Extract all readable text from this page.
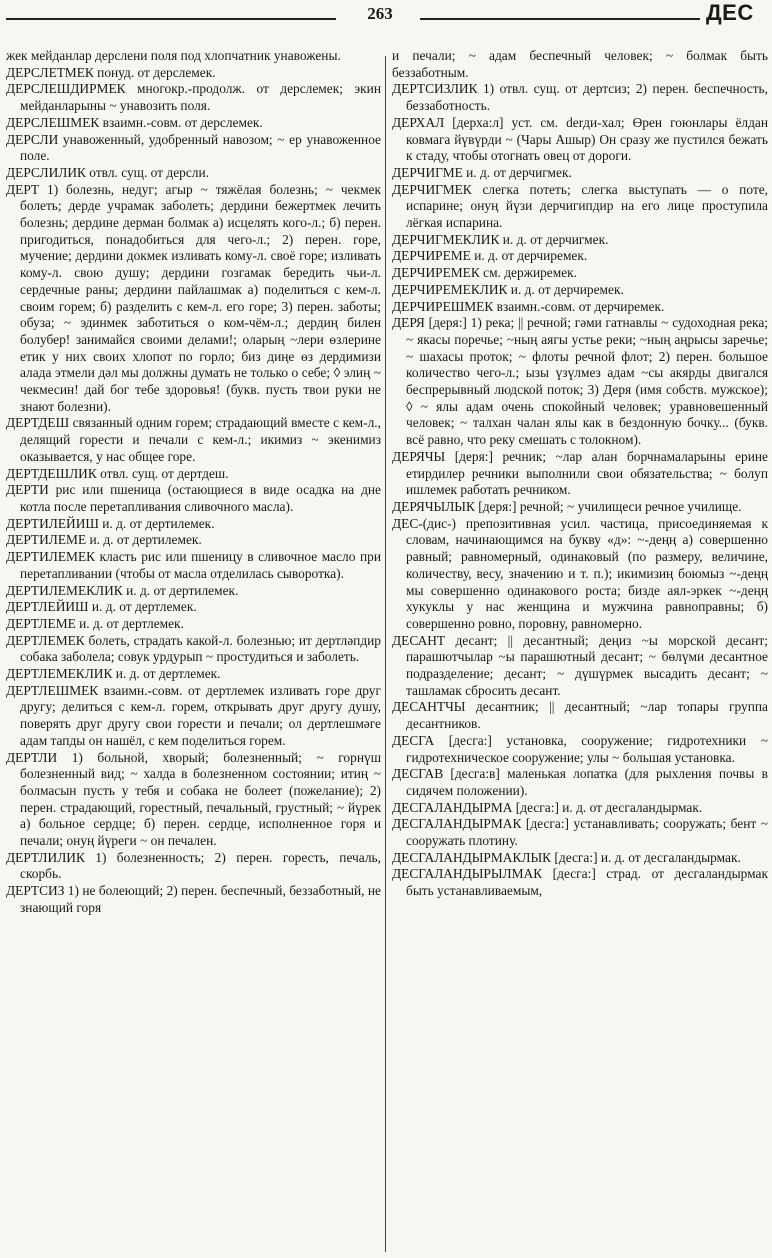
263	ДЕС

жек мейданлар дерслени поля под хлопчатник унавожены.

ДЕРСЛЕТМЕК понуд. от дерслемек.

ДЕРСЛЕШДИРМЕК многокр.-продолж. от дерслемек; экин мейданларыны ~ унавозить поля.

ДЕРСЛЕШМЕК взаимн.-совм. от дерслемек.

ДЕРСЛИ унавоженный, удобренный навозом; ~ ер унавоженное поле.

ДЕРСЛИЛИК отвл. сущ. от дерсли.

ДЕРТ 1) болезнь, недуг; агыр ~ тяжёлая болезнь; ~ чекмек болеть; дерде учрамак заболеть; дердини бежертмек лечить болезнь; дердине дерман болмак а) исцелять кого-л.; б) перен. пригодиться, понадобиться для чего-л.; 2) перен. горе, мучение; дердини докмек изливать кому-л. своё горе; изливать кому-л. свою душу; дердини гозгамак бередить чьи-л. сердечные раны; дердини пайлашмак а) поделиться с кем-л. своим горем; б) разделить с кем-л. его горе; 3) перен. заботы; обуза; ~ эдинмек заботиться о ком-чём-л.; дердиң билен болубер! занимайся своими делами!; оларың ~лери өзлерине етик у них своих хлопот по горло; биз диңе өз дердимизи алада этмели дәл мы должны думать не только о себе; ◊ элиң ~ чекмесин! дай бог тебе здоровья! (букв. пусть твои руки не знают болезни).

ДЕРТДЕШ связанный одним горем; страдающий вместе с кем-л., делящий горести и печали с кем-л.; икимиз ~ экенимиз оказывается, у нас общее горе.

ДЕРТДЕШЛИК отвл. сущ. от дертдеш.

ДЕРТИ рис или пшеница (остающиеся в виде осадка на дне котла после перетапливания сливочного масла).

ДЕРТИЛЕЙИШ и. д. от дертилемек.

ДЕРТИЛЕМЕ и. д. от дертилемек.

ДЕРТИЛЕМЕК класть рис или пшеницу в сливочное масло при перетапливании (чтобы от масла отделилась сыворотка).

ДЕРТИЛЕМЕКЛИК и. д. от дертилемек.

ДЕРТЛЕЙИШ и. д. от дертлемек.

ДЕРТЛЕМЕ и. д. от дертлемек.

ДЕРТЛЕМЕК болеть, страдать какой-л. болезнью; ит дертләпдир собака заболела; совук урдурып ~ простудиться и заболеть.

ДЕРТЛЕМЕКЛИК и. д. от дертлемек.

ДЕРТЛЕШМЕК взаимн.-совм. от дертлемек изливать горе друг другу; делиться с кем-л. горем, открывать друг другу душу, поверять друг другу свои горести и печали; ол дертлешмәге адам тапды он нашёл, с кем поделиться горем.

ДЕРТЛИ 1) больной, хворый; болезненный; ~ горнүш болезненный вид; ~ халда в болезненном состоянии; итиң ~ болмасын пусть у тебя и собака не болеет (пожелание); 2) перен. страдающий, горестный, печальный, грустный; ~ йүрек а) больное сердце; б) перен. сердце, исполненное горя и печали; онуң йүреги ~ он печален.

ДЕРТЛИЛИК 1) болезненность; 2) перен. горесть, печаль, скорбь.

ДЕРТСИЗ 1) не болеющий; 2) перен. беспечный, беззаботный, не знающий горя

и печали; ~ адам беспечный человек; ~ болмак быть беззаботным.

ДЕРТСИЗЛИК 1) отвл. сущ. от дертсиз; 2) перен. беспечность, беззаботность.

ДЕРХАЛ [дерха:л] уст. см. derди-хал; Өрен гоюнлары ёлдан ковмага йүвүрди ~ (Чары Ашыр) Он сразу же пустился бежать к стаду, чтобы отогнать овец от дороги.

ДЕРЧИГМЕ и. д. от дерчигмек.

ДЕРЧИГМЕК слегка потеть; слегка выступать — о поте, испарине; онуң йүзи дерчигипдир на его лице проступила лёгкая испарина.

ДЕРЧИГМЕКЛИК и. д. от дерчигмек.

ДЕРЧИРЕМЕ и. д. от дерчиремек.

ДЕРЧИРЕМЕК см. держиремек.

ДЕРЧИРЕМЕКЛИК и. д. от дерчиремек.

ДЕРЧИРЕШМЕК взаимн.-совм. от дерчиремек.

ДЕРЯ [деря:] 1) река; || речной; гәми гатнавлы ~ судоходная река; ~ якасы поречье; ~ның аягы устье реки; ~ның аңрысы заречье; ~ шахасы проток; ~ флоты речной флот; 2) перен. большое количество чего-л.; ызы үзүлмез адам ~сы акярды двигался беспрерывный людской поток; 3) Деря (имя собств. мужское); ◊ ~ ялы адам очень спокойный человек; уравновешенный человек; ~ талхан чалан ялы как в бездонную бочку... (букв. всё равно, что реку смешать с толокном).

ДЕРЯЧЫ [деря:] речник; ~лар алан борчнамаларыны ерине етирдилер речники выполнили свои обязательства; ~ болуп ишлемек работать речником.

ДЕРЯЧЫЛЫК [деря:] речной; ~ училищеси речное училище.

ДЕС-(дис-) препозитивная усил. частица, присоединяемая к словам, начинающимся на букву «д»: ~-деңң а) совершенно равный; равномерный, одинаковый (по размеру, величине, количеству, весу, значению и т. п.); икимизиң боюмыз ~-деңң мы совершенно одинакового роста; бизде аял-эркек ~-деңң хукуклы у нас женщина и мужчина равноправны; б) совершенно ровно, поровну, равномерно.

ДЕСАНТ десант; || десантный; деңиз ~ы морской десант; парашютчылар ~ы парашютный десант; ~ бөлүми десантное подразделение; десант; ~ дүшүрмек высадить десант; ~ ташламак сбросить десант.

ДЕСАНТЧЫ десантник; || десантный; ~лар топары группа десантников.

ДЕСГА [десга:] установка, сооружение; гидротехники ~ гидротехническое сооружение; улы ~ большая установка.

ДЕСГАВ [десга:в] маленькая лопатка (для рыхления почвы в сидячем положении).

ДЕСГАЛАНДЫРМА [десга:] и. д. от десгаландырмак.

ДЕСГАЛАНДЫРМАК [десга:] устанавливать; сооружать; бент ~ сооружать плотину.

ДЕСГАЛАНДЫРМАКЛЫК [десга:] и. д. от десгаландырмак.

ДЕСГАЛАНДЫРЫЛМАК [десга:] страд. от десгаландырмак быть устанавливаемым,
